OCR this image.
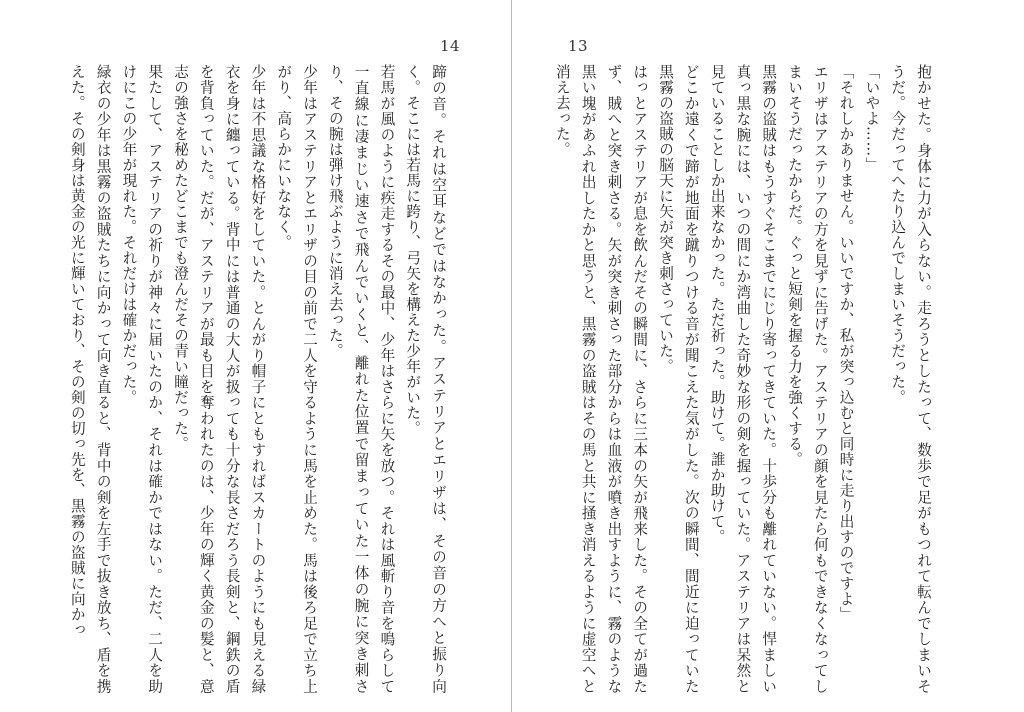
14
蹄の音。それは空耳などではなかった。アステリアとエリザは、その音の方へと振り向く。そこには若馬に跨り、弓矢を構えた少年がいた。
若馬が風のように疾走するその最中、少年はさらに矢を放つ。それは風斬り音を鳴らして一直線に凄まじい速さで飛んでいくと、離れた位置で留まっていた一体の腕に突き刺さり、その腕は弾け飛ぶように消え去った。
少年はアステリアとエリザの目の前で二人を守るように馬を止めた。馬は後ろ足で立ち上がり、高らかにいななく。
少年は不思議な格好をしていた。とんがり帽子にともすればスカートのようにも見える緑衣を身に纏っている。背中には普通の大人が扱っても十分な長さだろう長剣と、鋼鉄の盾を背負っていた。だが、アステリアが最も目を奪われたのは、少年の輝く黄金の髪と、意志の強さを秘めたどこまでも澄んだその青い瞳だった。
果たして、アステリアの祈りが神々に届いたのか、それは確かではない。ただ、二人を助けにこの少年が現れた。それだけは確かだった。
緑衣の少年は黒霧の盗賊たちに向かって向き直ると、背中の剣を左手で抜き放ち、盾を携えた。その剣身は黄金の光に輝いており、その剣の切っ先を、黒霧の盗賊に向かっ
13
抱かせた。身体に力が入らない。走ろうとしたって、数歩で足がもつれて転んでしまいそうだ。今だってへたり込んでしまいそうだった。
「いやよ……」
「それしかありません。いいですか、私が突っ込むと同時に走り出すのですよ」
エリザはアステリアの方を見ずに告げた。アステリアの顔を見たら何もできなくなってしまいそうだったからだ。ぐっと短剣を握る力を強くする。
黒霧の盗賊はもうすぐそこまでにじり寄ってきていた。十歩分も離れていない。悍ましい真っ黒な腕には、いつの間にか湾曲した奇妙な形の剣を握っていた。アステリアは呆然と見ていることしか出来なかった。ただ祈った。助けて。誰か助けて。
どこか遠くで蹄が地面を蹴りつける音が聞こえた気がした。次の瞬間、間近に迫っていた黒霧の盗賊の脳天に矢が突き刺さっていた。
はっとアステリアが息を飲んだその瞬間に、さらに三本の矢が飛来した。その全てが過たず、賊へと突き刺さる。矢が突き刺さった部分からは血液が噴き出すように、霧のような黒い塊があふれ出したかと思うと、黒霧の盗賊はその馬と共に掻き消えるように虚空へと消え去った。
